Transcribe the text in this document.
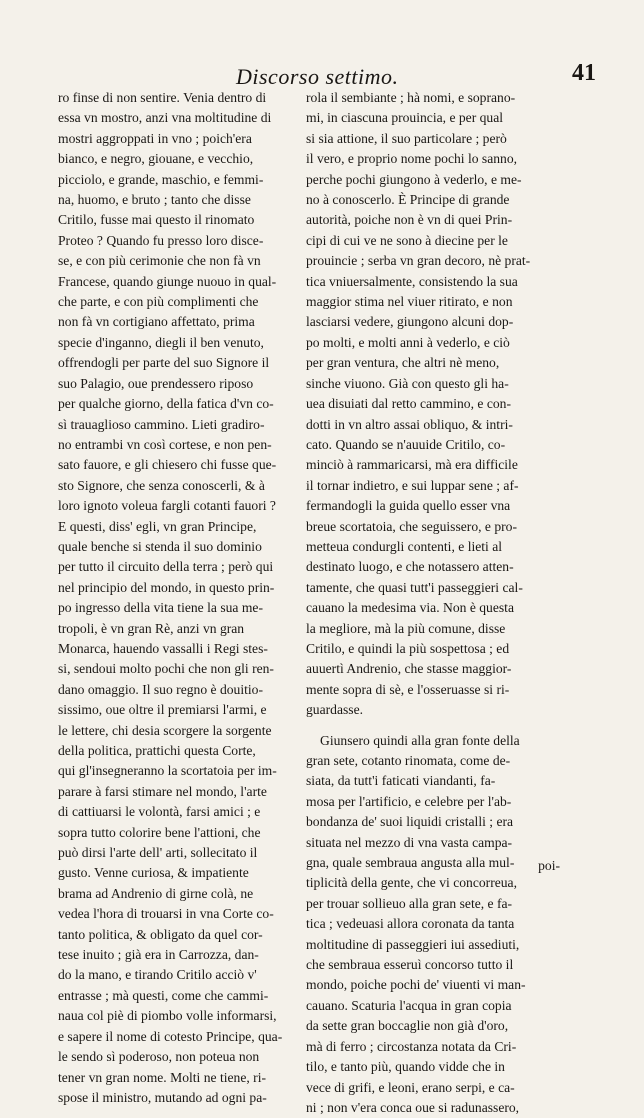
Discorso settimo.	41
ro finse di non sentire. Venia dentro di
essa vn mostro, anzi vna moltitudine di
mostri aggroppati in vno ; poich'era
bianco, e negro, giouane, e vecchio,
picciolo, e grande, maschio, e femmi-
na, huomo, e bruto ; tanto che disse
Critilo, fusse mai questo il rinomato
Proteo ? Quando fu presso loro disce-
se, e con più cerimonie che non fà vn
Francese, quando giunge nuouo in qual-
che parte, e con più complimenti che
non fà vn cortigiano affettato, prima
specie d'inganno, diegli il ben venuto,
offrendogli per parte del suo Signore il
suo Palagio, oue prendessero riposo
per qualche giorno, della fatica d'vn co-
sì trauaglioso cammino. Lieti gradiro-
no entrambi vn così cortese, e non pen-
sato fauore, e gli chiesero chi fusse que-
sto Signore, che senza conoscerli, & à
loro ignoto voleua fargli cotanti fauori ?
E questi, diss' egli, vn gran Principe,
quale benche si stenda il suo dominio
per tutto il circuito della terra ; però qui
nel principio del mondo, in questo prin-
po ingresso della vita tiene la sua me-
tropoli, è vn gran Rè, anzi vn gran
Monarca, hauendo vassalli i Regi stes-
si, sendoui molto pochi che non gli ren-
dano omaggio. Il suo regno è douitio-
sissimo, oue oltre il premiarsi l'armi, e
le lettere, chi desia scorgere la sorgente
della politica, prattichi questa Corte,
qui gl'insegneranno la scortatoia per im-
parare à farsi stimare nel mondo, l'arte
di cattiuarsi le volontà, farsi amici ; e
sopra tutto colorire bene l'attioni, che
può dirsi l'arte dell' arti, sollecitato il
gusto. Venne curiosa, & impatiente
brama ad Andrenio di girne colà, ne
vedea l'hora di trouarsi in vna Corte co-
tanto politica, & obligato da quel cor-
tese inuito ; già era in Carrozza, dan-
do la mano, e tirando Critilo acciò v'
entrasse ; mà questi, come che cammi-
naua col piè di piombo volle informarsi,
e sapere il nome di cotesto Principe, qua-
le sendo sì poderoso, non poteua non
tener vn gran nome. Molti ne tiene, ri-
spose il ministro, mutando ad ogni pa-
rola il sembiante ; hà nomi, e soprano-
mi, in ciascuna prouincia, e per qual
si sia attione, il suo particolare ; però
il vero, e proprio nome pochi lo sanno,
perche pochi giungono à vederlo, e me-
no à conoscerlo. È Principe di grande
autorità, poiche non è vn di quei Prin-
cipi di cui ve ne sono à diecine per le
prouincie ; serba vn gran decoro, nè prat-
tica vniuersalmente, consistendo la sua
maggior stima nel viuer ritirato, e non
lasciarsi vedere, giungono alcuni dop-
po molti, e molti anni à vederlo, e ciò
per gran ventura, che altri nè meno,
sinche viuono. Già con questo gli ha-
uea disuiati dal retto cammino, e con-
dotti in vn altro assai obliquo, & intri-
cato. Quando se n'auuide Critilo, co-
minciò à rammaricarsi, mà era difficile
il tornar indietro, e sui luppar sene ; af-
fermandogli la guida quello esser vna
breue scortatoia, che seguissero, e pro-
metteua condurgli contenti, e lieti al
destinato luogo, e che notassero atten-
tamente, che quasi tutt'i passeggieri cal-
cauano la medesima via. Non è questa
la megliore, mà la più comune, disse
Critilo, e quindi la più sospettosa ; ed
auuertì Andrenio, che stasse maggior-
mente sopra di sè, e l'osseruasse si ri-
guardasse.
Giunsero quindi alla gran fonte della
gran sete, cotanto rinomata, come de-
siata, da tutt'i faticati viandanti, fa-
mosa per l'artificio, e celebre per l'ab-
bondanza de' suoi liquidi cristalli ; era
situata nel mezzo di vna vasta campa-
gna, quale sembraua angusta alla mul-
tiplicità della gente, che vi concorreua,
per trouar sollieuo alla gran sete, e fa-
tica ; vedeuasi allora coronata da tanta
moltitudine di passeggieri iui assediuti,
che sembraua esseruì concorso tutto il
mondo, poiche pochi de' viuenti vi man-
cauano. Scaturia l'acqua in gran copia
da sette gran boccaglie non già d'oro,
mà di ferro ; circostanza notata da Cri-
tilo, e tanto più, quando vidde che in
vece di grifi, e leoni, erano serpi, e ca-
ni ; non v'era conca oue si radunassero,
poi-
